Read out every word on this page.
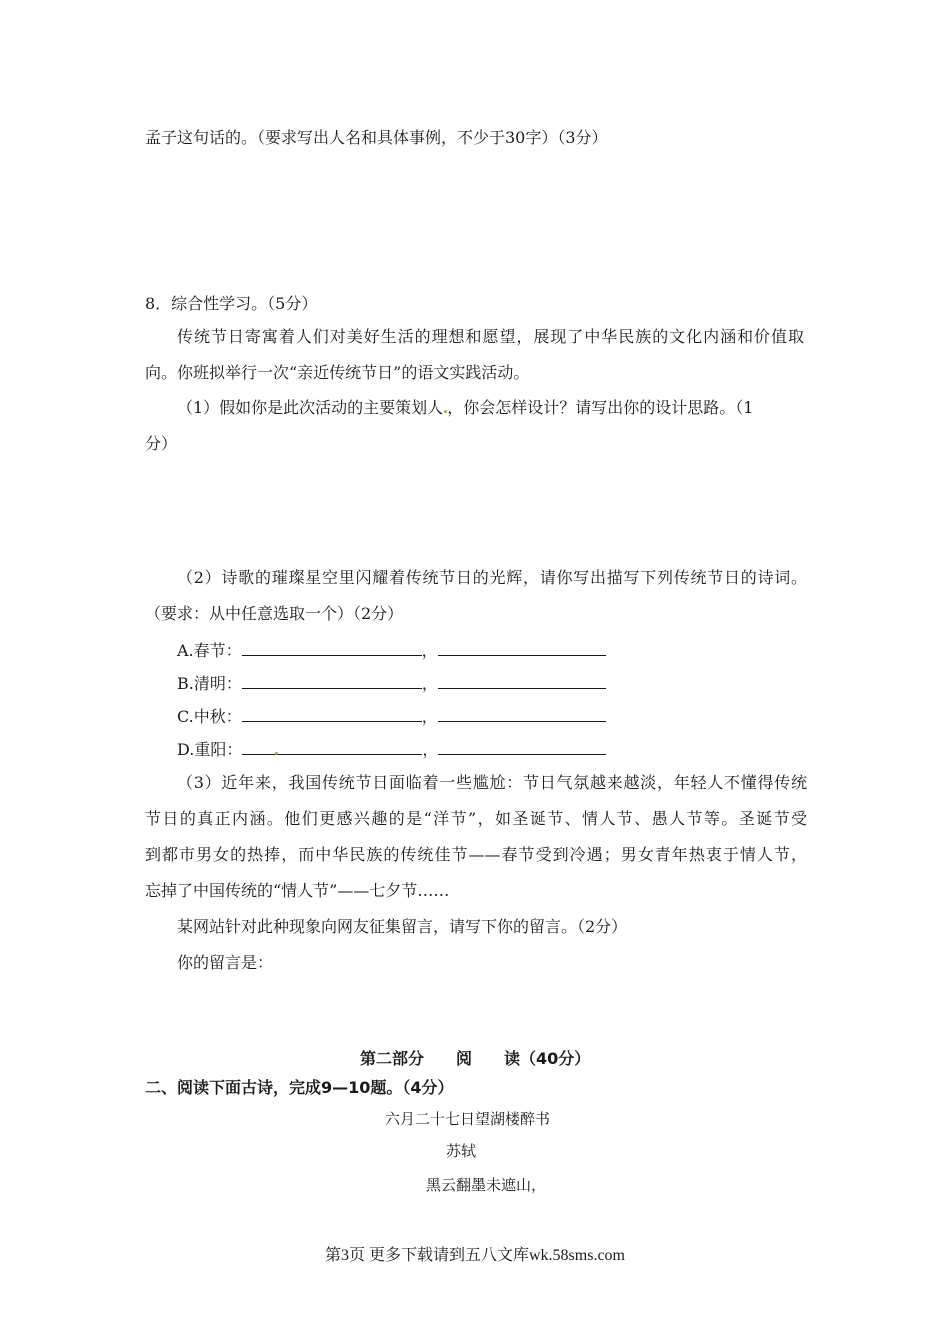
孟子这句话的。（要求写出人名和具体事例，不少于30字）（3分）
8．综合性学习。（5分）
传统节日寄寓着人们对美好生活的理想和愿望，展现了中华民族的文化内涵和价值取
向。你班拟举行一次“亲近传统节日”的语文实践活动。
（1）假如你是此次活动的主要策划人 ，你会怎样设计？请写出你的设计思路。（1
分）
（2）诗歌的璀璨星空里闪耀着传统节日的光辉，请你写出描写下列传统节日的诗词。
（要求：从中任意选取一个）（2分）
A.春节：	，
B.清明：	，
C.中秋：	，
D.重阳：	，
（3）近年来，我国传统节日面临着一些尴尬：节日气氛越来越淡，年轻人不懂得传统
节日的真正内涵。他们更感兴趣的是“洋节”，如圣诞节、情人节、愚人节等。圣诞节受
到都市男女的热捧，而中华民族的传统佳节——春节受到冷遇；男女青年热衷于情人节，
忘掉了中国传统的“情人节”——七夕节……
某网站针对此种现象向网友征集留言，请写下你的留言。（2分）
你的留言是：
第二部分　　阅　　读（40分）
二、阅读下面古诗，完成9—10题。（4分）
六月二十七日望湖楼醉书
苏轼
黑云翻墨未遮山，
第3页 更多下载请到五八文库wk.58sms.com
